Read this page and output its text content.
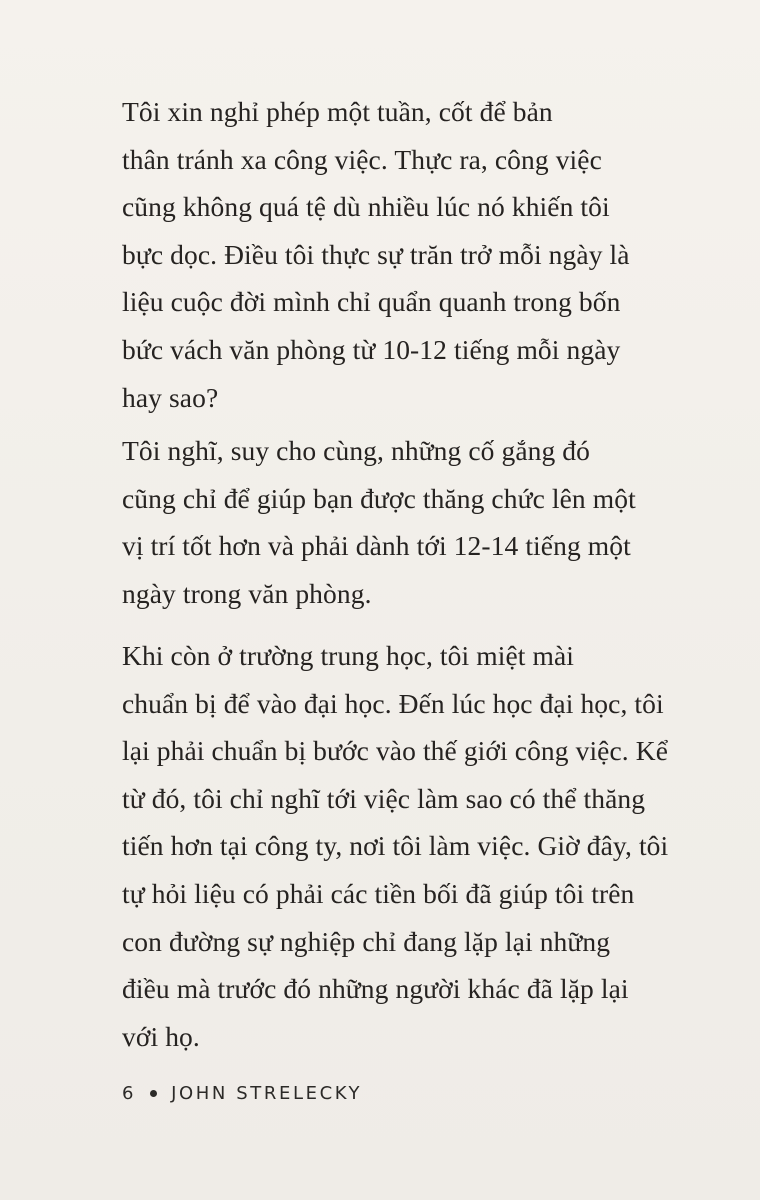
Tôi xin nghỉ phép một tuần, cốt để bản
thân tránh xa công việc. Thực ra, công việc
cũng không quá tệ dù nhiều lúc nó khiến tôi
bực dọc. Điều tôi thực sự trăn trở mỗi ngày là
liệu cuộc đời mình chỉ quẩn quanh trong bốn
bức vách văn phòng từ 10-12 tiếng mỗi ngày
hay sao?
Tôi nghĩ, suy cho cùng, những cố gắng đó
cũng chỉ để giúp bạn được thăng chức lên một
vị trí tốt hơn và phải dành tới 12-14 tiếng một
ngày trong văn phòng.
Khi còn ở trường trung học, tôi miệt mài
chuẩn bị để vào đại học. Đến lúc học đại học, tôi
lại phải chuẩn bị bước vào thế giới công việc. Kể
từ đó, tôi chỉ nghĩ tới việc làm sao có thể thăng
tiến hơn tại công ty, nơi tôi làm việc. Giờ đây, tôi
tự hỏi liệu có phải các tiền bối đã giúp tôi trên
con đường sự nghiệp chỉ đang lặp lại những
điều mà trước đó những người khác đã lặp lại
với họ.
6 JOHN STRELECKY
